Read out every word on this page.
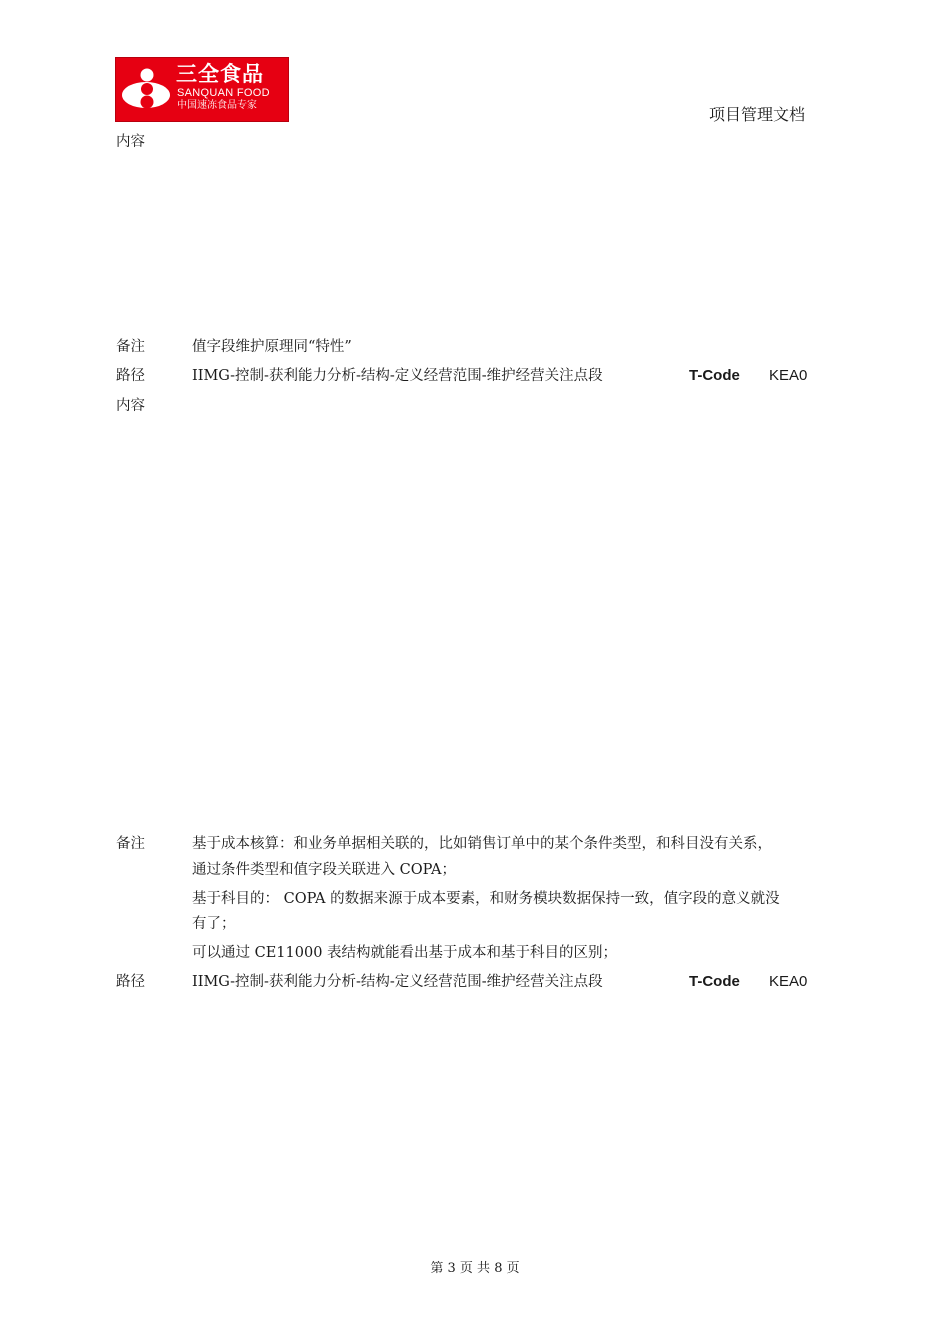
三全食品
SANQUAN FOOD
中国速冻食品专家	项目管理文档
内容
备注	值字段维护原理同“特性”
路径	IIMG-控制-获利能力分析-结构-定义经营范围-维护经营关注点段	T-Code KEA0
内容
备注	基于成本核算：和业务单据相关联的，比如销售订单中的某个条件类型，和科目没有关系，
通过条件类型和值字段关联进入 COPA；
基于科目的： COPA 的数据来源于成本要素，和财务模块数据保持一致，值字段的意义就没
有了；
可以通过 CE11000 表结构就能看出基于成本和基于科目的区别；
路径	IIMG-控制-获利能力分析-结构-定义经营范围-维护经营关注点段	T-Code KEA0
第 3 页 共 8 页
